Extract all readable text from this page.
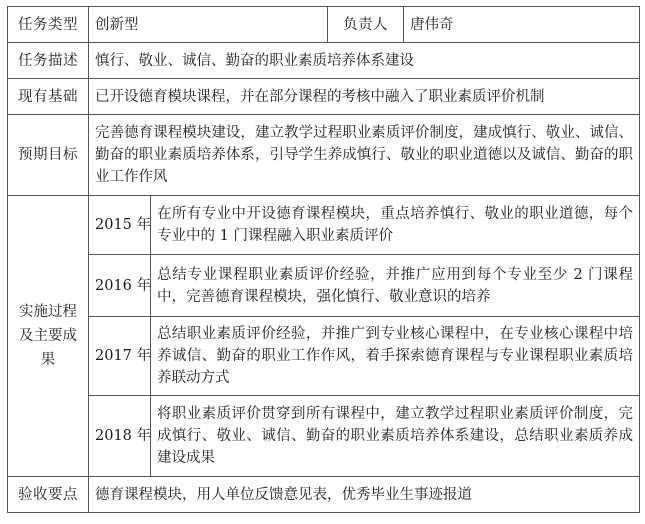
任务类型	创新型		负责人	唐伟奇
任务描述	慎行、敬业、诚信、勤奋的职业素质培养体系建设			
现有基础	已开设德育模块课程，并在部分课程的考核中融入了职业素质评价机制			
预期目标	完善德育课程模块建设，建立教学过程职业素质评价制度，建成慎行、敬业、诚信、勤奋的职业素质培养体系，引导学生养成慎行、敬业的职业道德以及诚信、勤奋的职业工作作风			
实施过程及主要成果	2015 年	在所有专业中开设德育课程模块，重点培养慎行、敬业的职业道德，每个专业中的 1 门课程融入职业素质评价		
	2016 年	总结专业课程职业素质评价经验，并推广应用到每个专业至少 2 门课程中，完善德育课程模块，强化慎行、敬业意识的培养		
	2017 年	总结职业素质评价经验，并推广到专业核心课程中，在专业核心课程中培养诚信、勤奋的职业工作作风，着手探索德育课程与专业课程职业素质培养联动方式		
	2018 年	将职业素质评价贯穿到所有课程中，建立教学过程职业素质评价制度，完成慎行、敬业、诚信、勤奋的职业素质培养体系建设，总结职业素质养成建设成果		
验收要点	德育课程模块，用人单位反馈意见表，优秀毕业生事迹报道			
